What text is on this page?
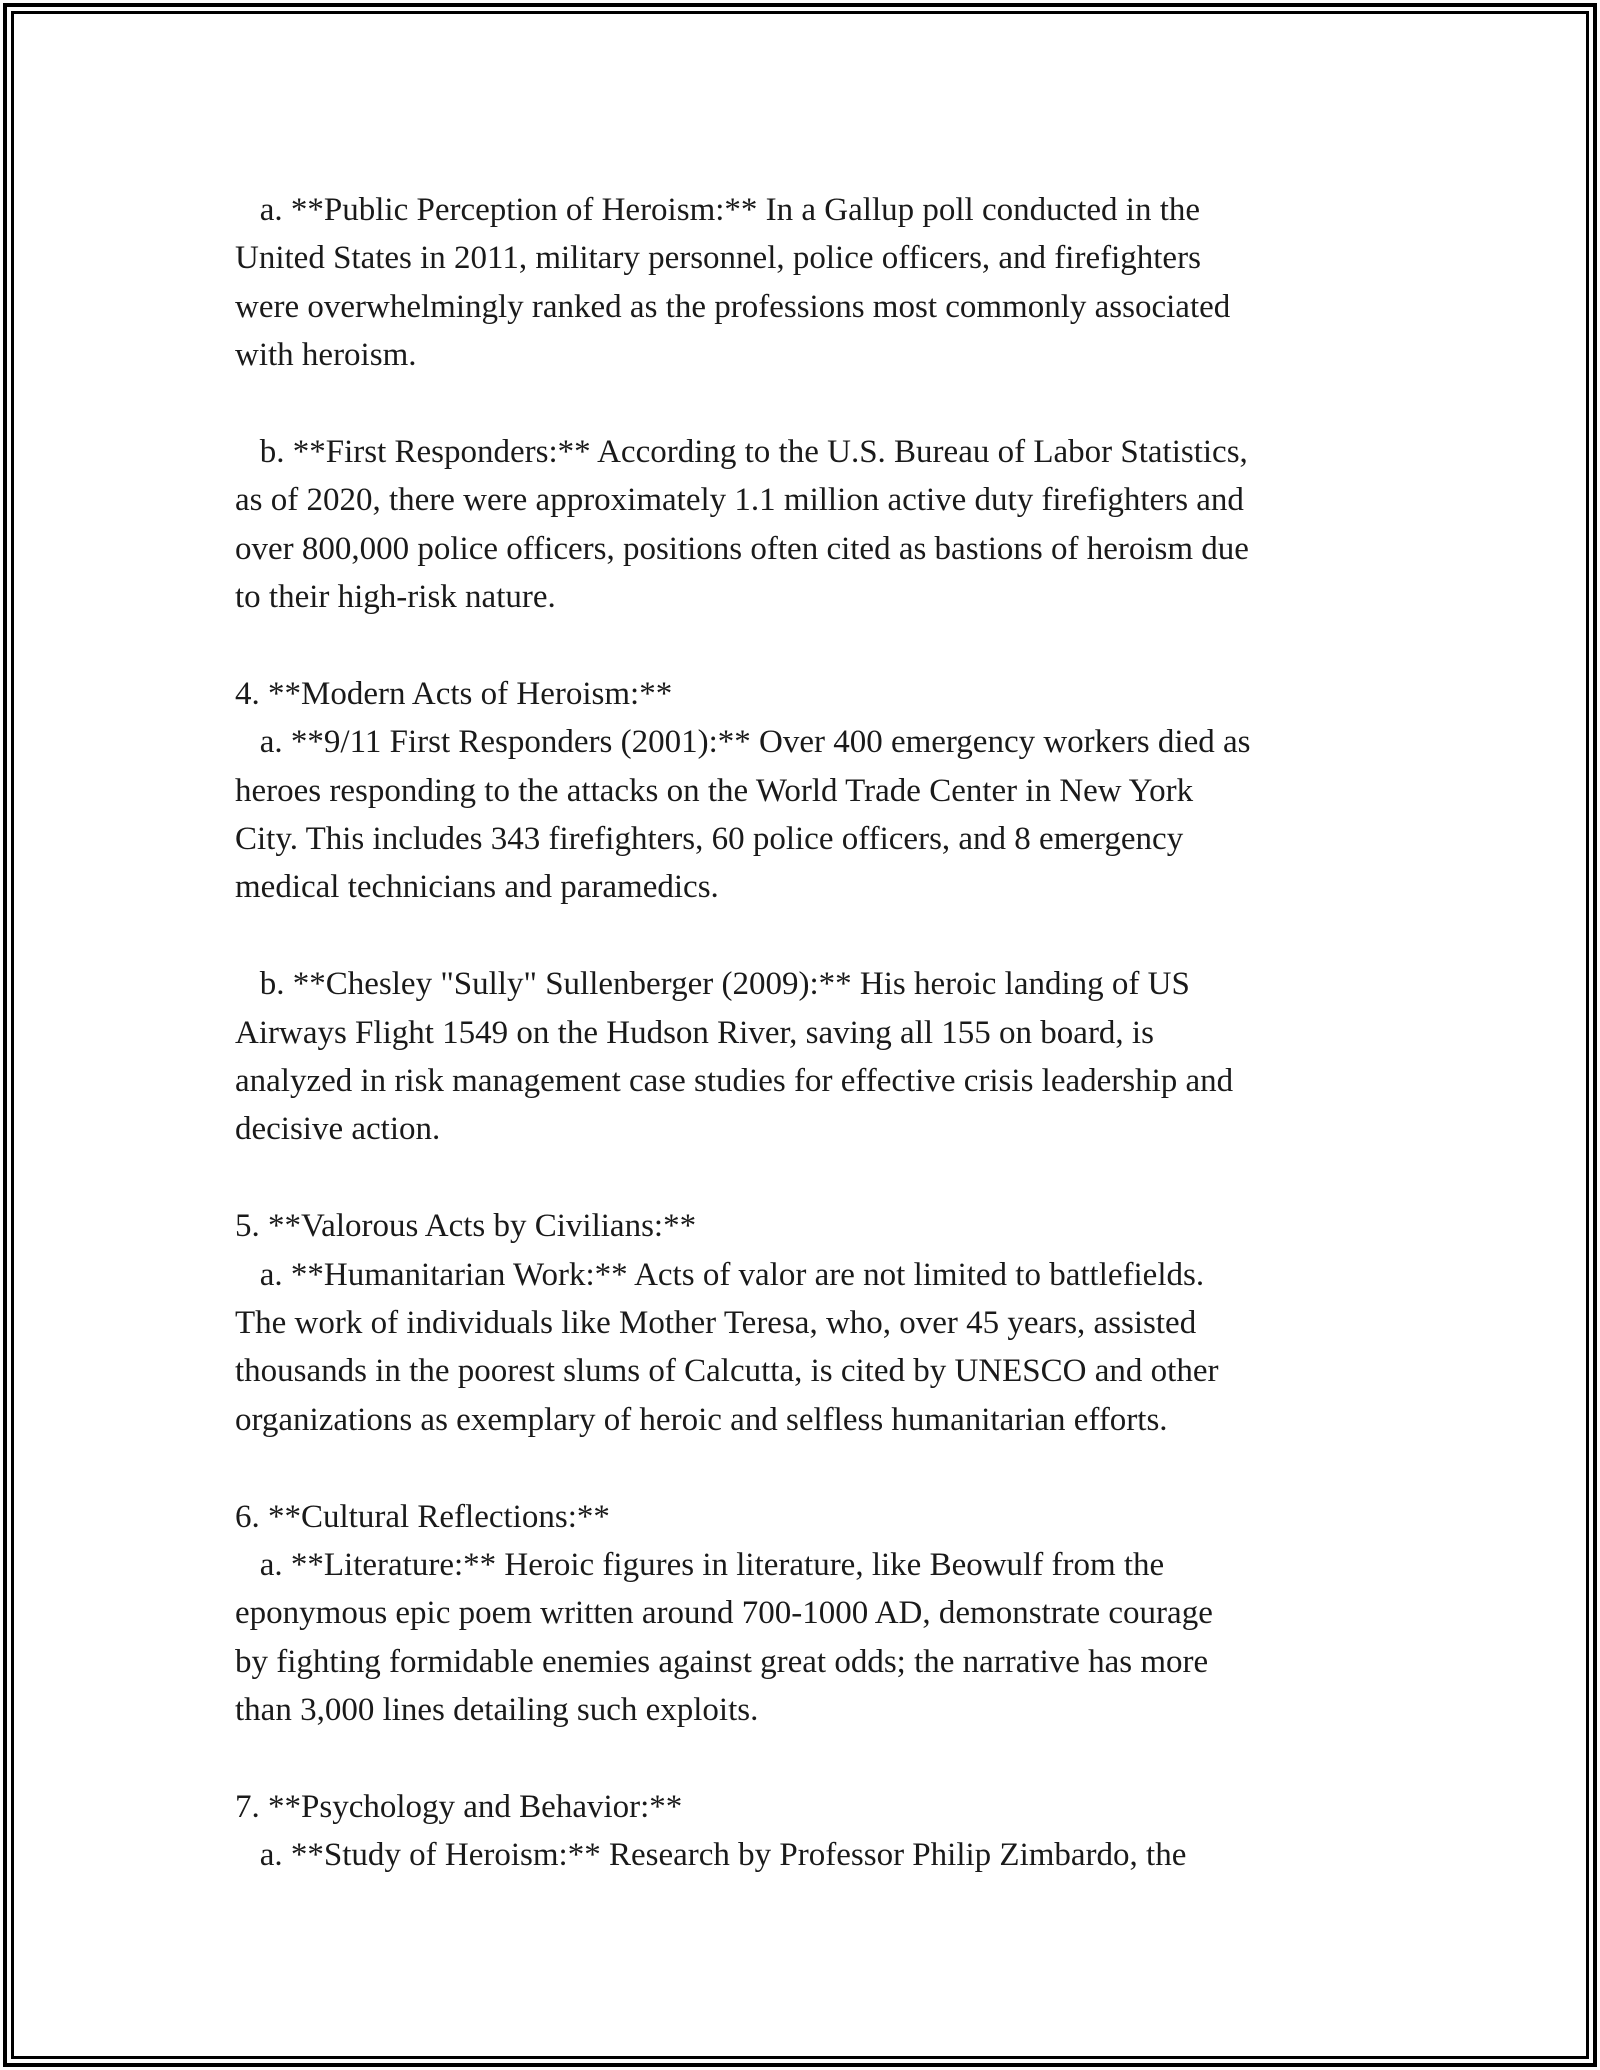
a. **Public Perception of Heroism:** In a Gallup poll conducted in the
United States in 2011, military personnel, police officers, and firefighters
were overwhelmingly ranked as the professions most commonly associated
with heroism.
b. **First Responders:** According to the U.S. Bureau of Labor Statistics,
as of 2020, there were approximately 1.1 million active duty firefighters and
over 800,000 police officers, positions often cited as bastions of heroism due
to their high-risk nature.
4. **Modern Acts of Heroism:**
a. **9/11 First Responders (2001):** Over 400 emergency workers died as
heroes responding to the attacks on the World Trade Center in New York
City. This includes 343 firefighters, 60 police officers, and 8 emergency
medical technicians and paramedics.
b. **Chesley "Sully" Sullenberger (2009):** His heroic landing of US
Airways Flight 1549 on the Hudson River, saving all 155 on board, is
analyzed in risk management case studies for effective crisis leadership and
decisive action.
5. **Valorous Acts by Civilians:**
a. **Humanitarian Work:** Acts of valor are not limited to battlefields.
The work of individuals like Mother Teresa, who, over 45 years, assisted
thousands in the poorest slums of Calcutta, is cited by UNESCO and other
organizations as exemplary of heroic and selfless humanitarian efforts.
6. **Cultural Reflections:**
a. **Literature:** Heroic figures in literature, like Beowulf from the
eponymous epic poem written around 700-1000 AD, demonstrate courage
by fighting formidable enemies against great odds; the narrative has more
than 3,000 lines detailing such exploits.
7. **Psychology and Behavior:**
a. **Study of Heroism:** Research by Professor Philip Zimbardo, the
